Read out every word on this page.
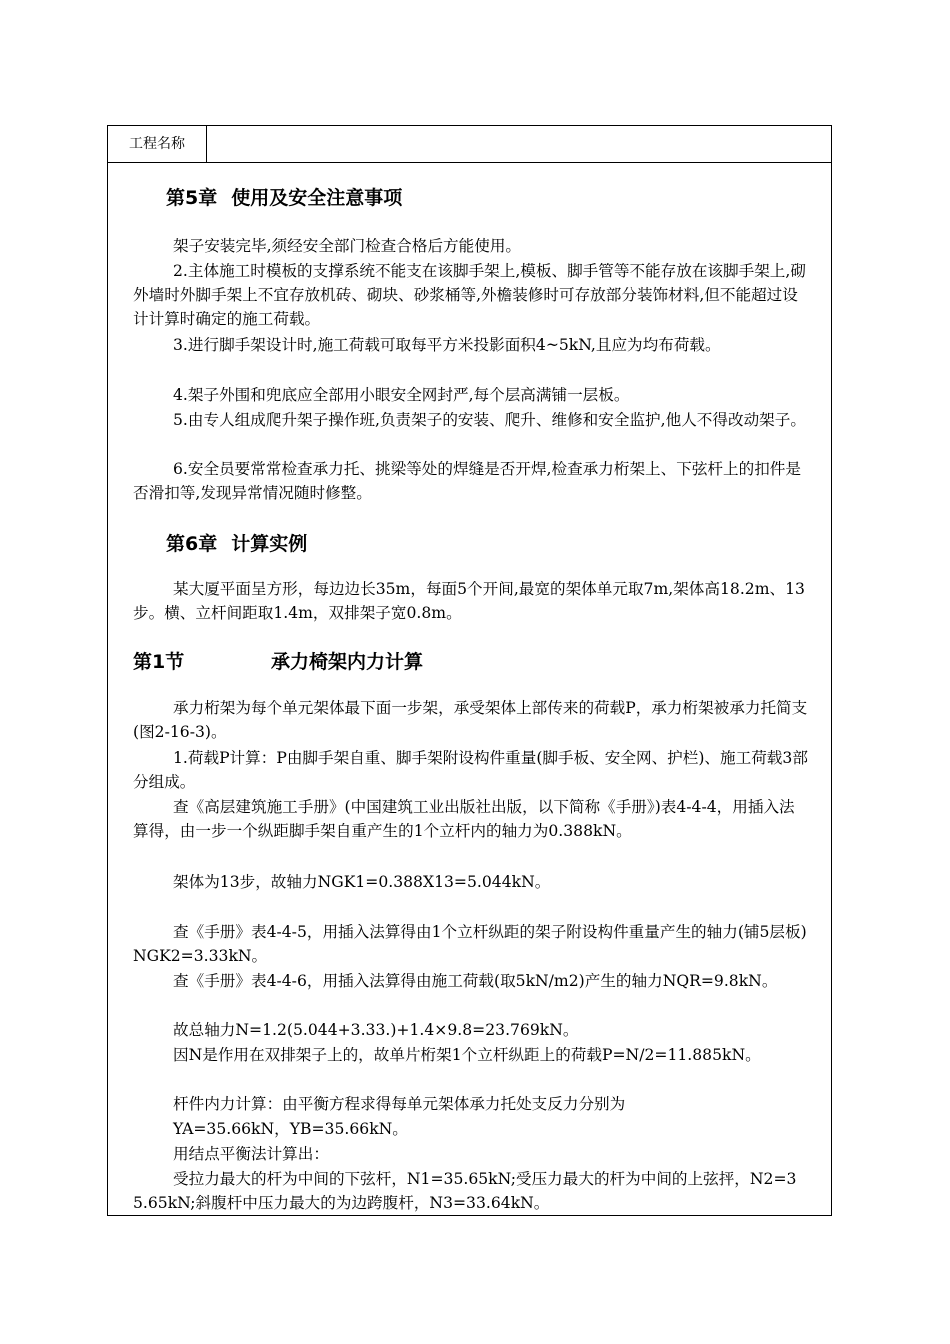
工程名称
第5章 使用及安全注意事项

架子安装完毕,须经安全部门检查合格后方能使用。

2.主体施工时模板的支撑系统不能支在该脚手架上,模板、脚手管等不能存放在该脚手架上,砌外墙时外脚手架上不宜存放机砖、砌块、砂浆桶等,外檐装修时可存放部分装饰材料,但不能超过设计计算时确定的施工荷载。

3.进行脚手架设计时,施工荷载可取每平方米投影面积4~5kN,且应为均布荷载。

4.架子外围和兜底应全部用小眼安全网封严,每个层高满铺一层板。

5.由专人组成爬升架子操作班,负责架子的安装、爬升、维修和安全监护,他人不得改动架子。

6.安全员要常常检查承力托、挑梁等处的焊缝是否开焊,检查承力桁架上、下弦杆上的扣件是否滑扣等,发现异常情况随时修整。

第6章 计算实例

某大厦平面呈方形，每边边长35m，每面5个开间,最宽的架体单元取7m,架体高18.2m、13步。横、立杆间距取1.4m，双排架子宽0.8m。

第1节	承力椅架内力计算

承力桁架为每个单元架体最下面一步架，承受架体上部传来的荷载P，承力桁架被承力托简支(图2-16-3)。

1.荷载P计算：P由脚手架自重、脚手架附设构件重量(脚手板、安全网、护栏)、施工荷载3部分组成。

查《高层建筑施工手册》(中国建筑工业出版社出版，以下简称《手册》)表4-4-4，用插入法算得，由一步一个纵距脚手架自重产生的1个立杆内的轴力为0.388kN。

架体为13步，故轴力NGK1=0.388X13=5.044kN。

查《手册》表4-4-5，用插入法算得由1个立杆纵距的架子附设构件重量产生的轴力(铺5层板)NGK2=3.33kN。

查《手册》表4-4-6，用插入法算得由施工荷载(取5kN/m2)产生的轴力NQR=9.8kN。

故总轴力N=1.2(5.044+3.33.)+1.4×9.8=23.769kN。

因N是作用在双排架子上的，故单片桁架1个立杆纵距上的荷载P=N/2=11.885kN。

杆件内力计算：由平衡方程求得每单元架体承力托处支反力分别为

YA=35.66kN，YB=35.66kN。

用结点平衡法计算出：

受拉力最大的杆为中间的下弦杆，N1=35.65kN;受压力最大的杆为中间的上弦抨，N2=35.65kN;斜腹杆中压力最大的为边跨腹杆，N3=33.64kN。
